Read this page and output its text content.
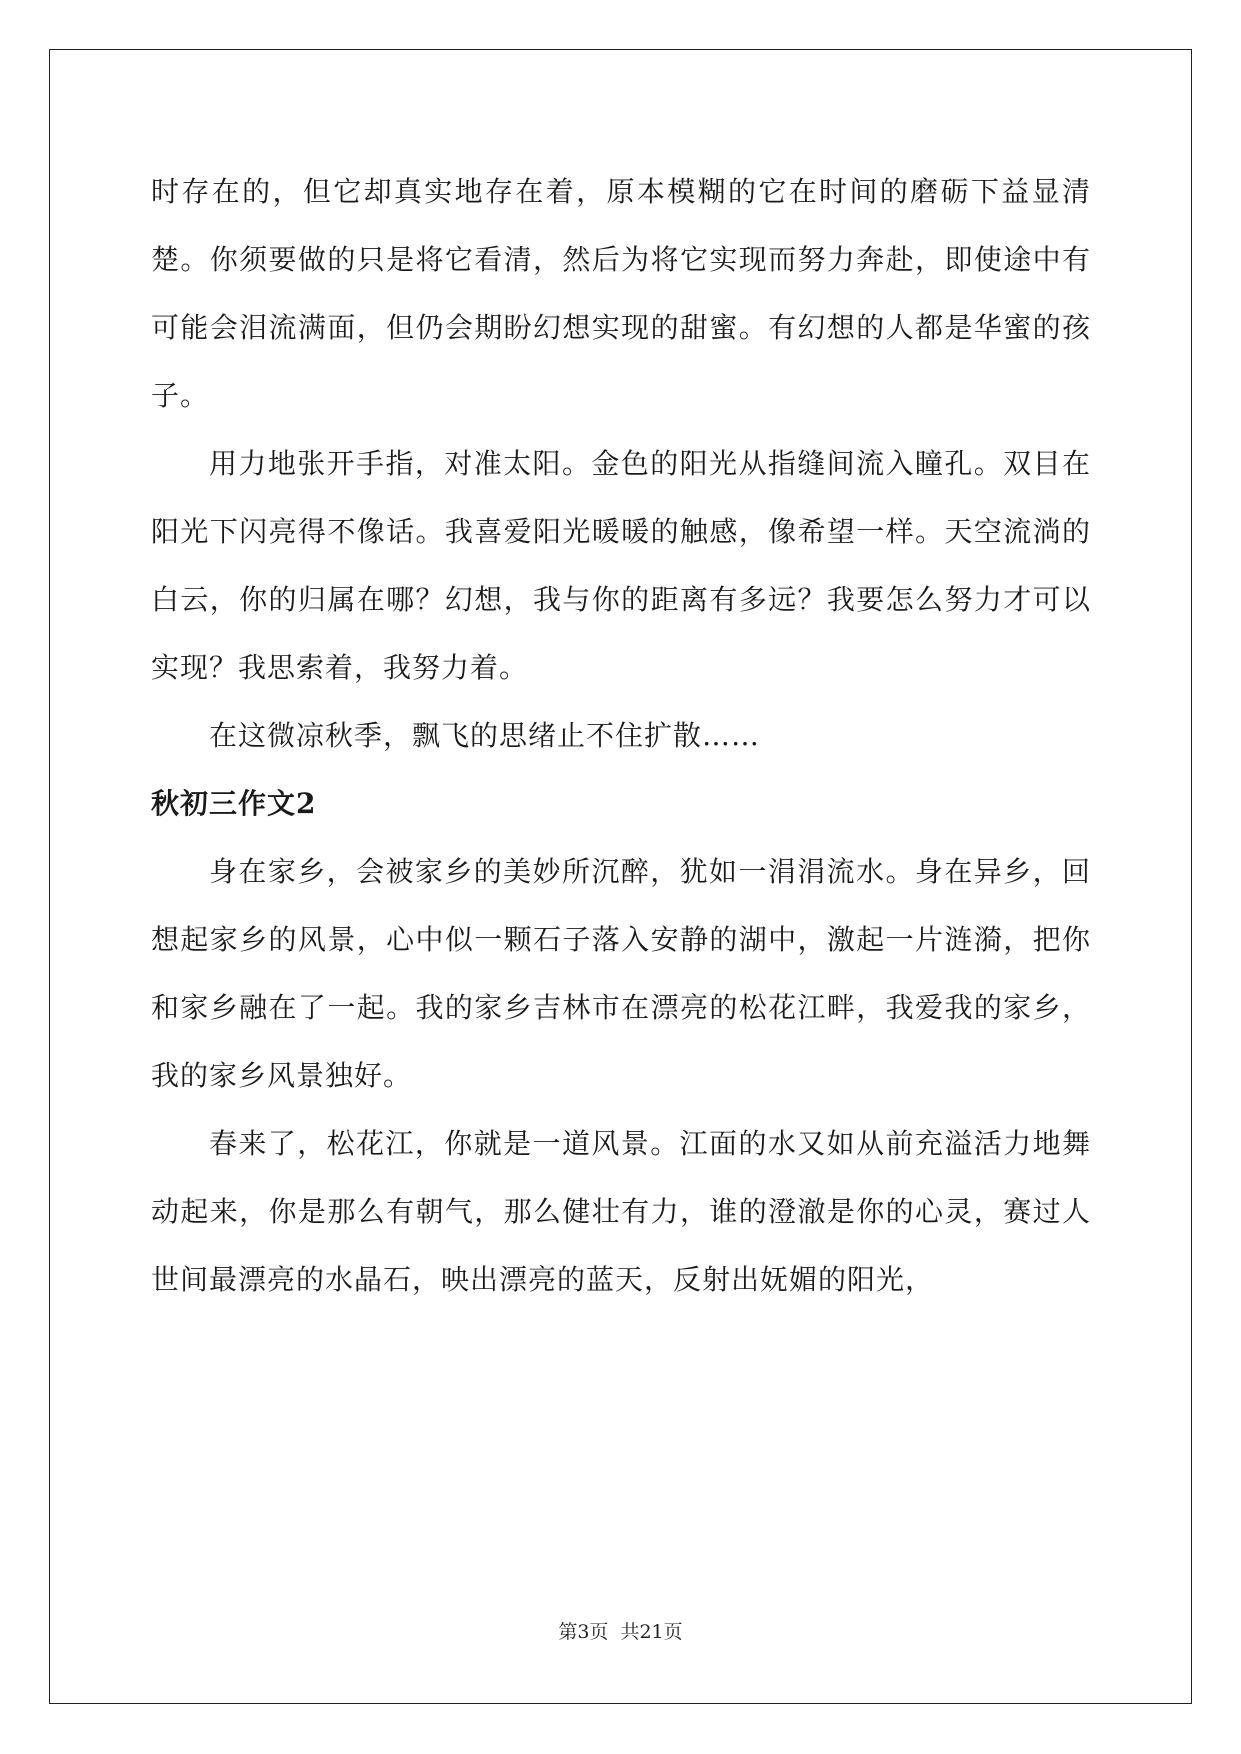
时存在的，但它却真实地存在着，原本模糊的它在时间的磨砺下益显清楚。你须要做的只是将它看清，然后为将它实现而努力奔赴，即使途中有可能会泪流满面，但仍会期盼幻想实现的甜蜜。有幻想的人都是华蜜的孩子。

用力地张开手指，对准太阳。金色的阳光从指缝间流入瞳孔。双目在阳光下闪亮得不像话。我喜爱阳光暖暖的触感，像希望一样。天空流淌的白云，你的归属在哪？幻想，我与你的距离有多远？我要怎么努力才可以实现？我思索着，我努力着。

在这微凉秋季，飘飞的思绪止不住扩散……

秋初三作文2

身在家乡，会被家乡的美妙所沉醉，犹如一涓涓流水。身在异乡，回想起家乡的风景，心中似一颗石子落入安静的湖中，激起一片涟漪，把你和家乡融在了一起。我的家乡吉林市在漂亮的松花江畔，我爱我的家乡，我的家乡风景独好。

春来了，松花江，你就是一道风景。江面的水又如从前充溢活力地舞动起来，你是那么有朝气，那么健壮有力，谁的澄澈是你的心灵，赛过人世间最漂亮的水晶石，映出漂亮的蓝天，反射出妩媚的阳光，

第3页 共21页
